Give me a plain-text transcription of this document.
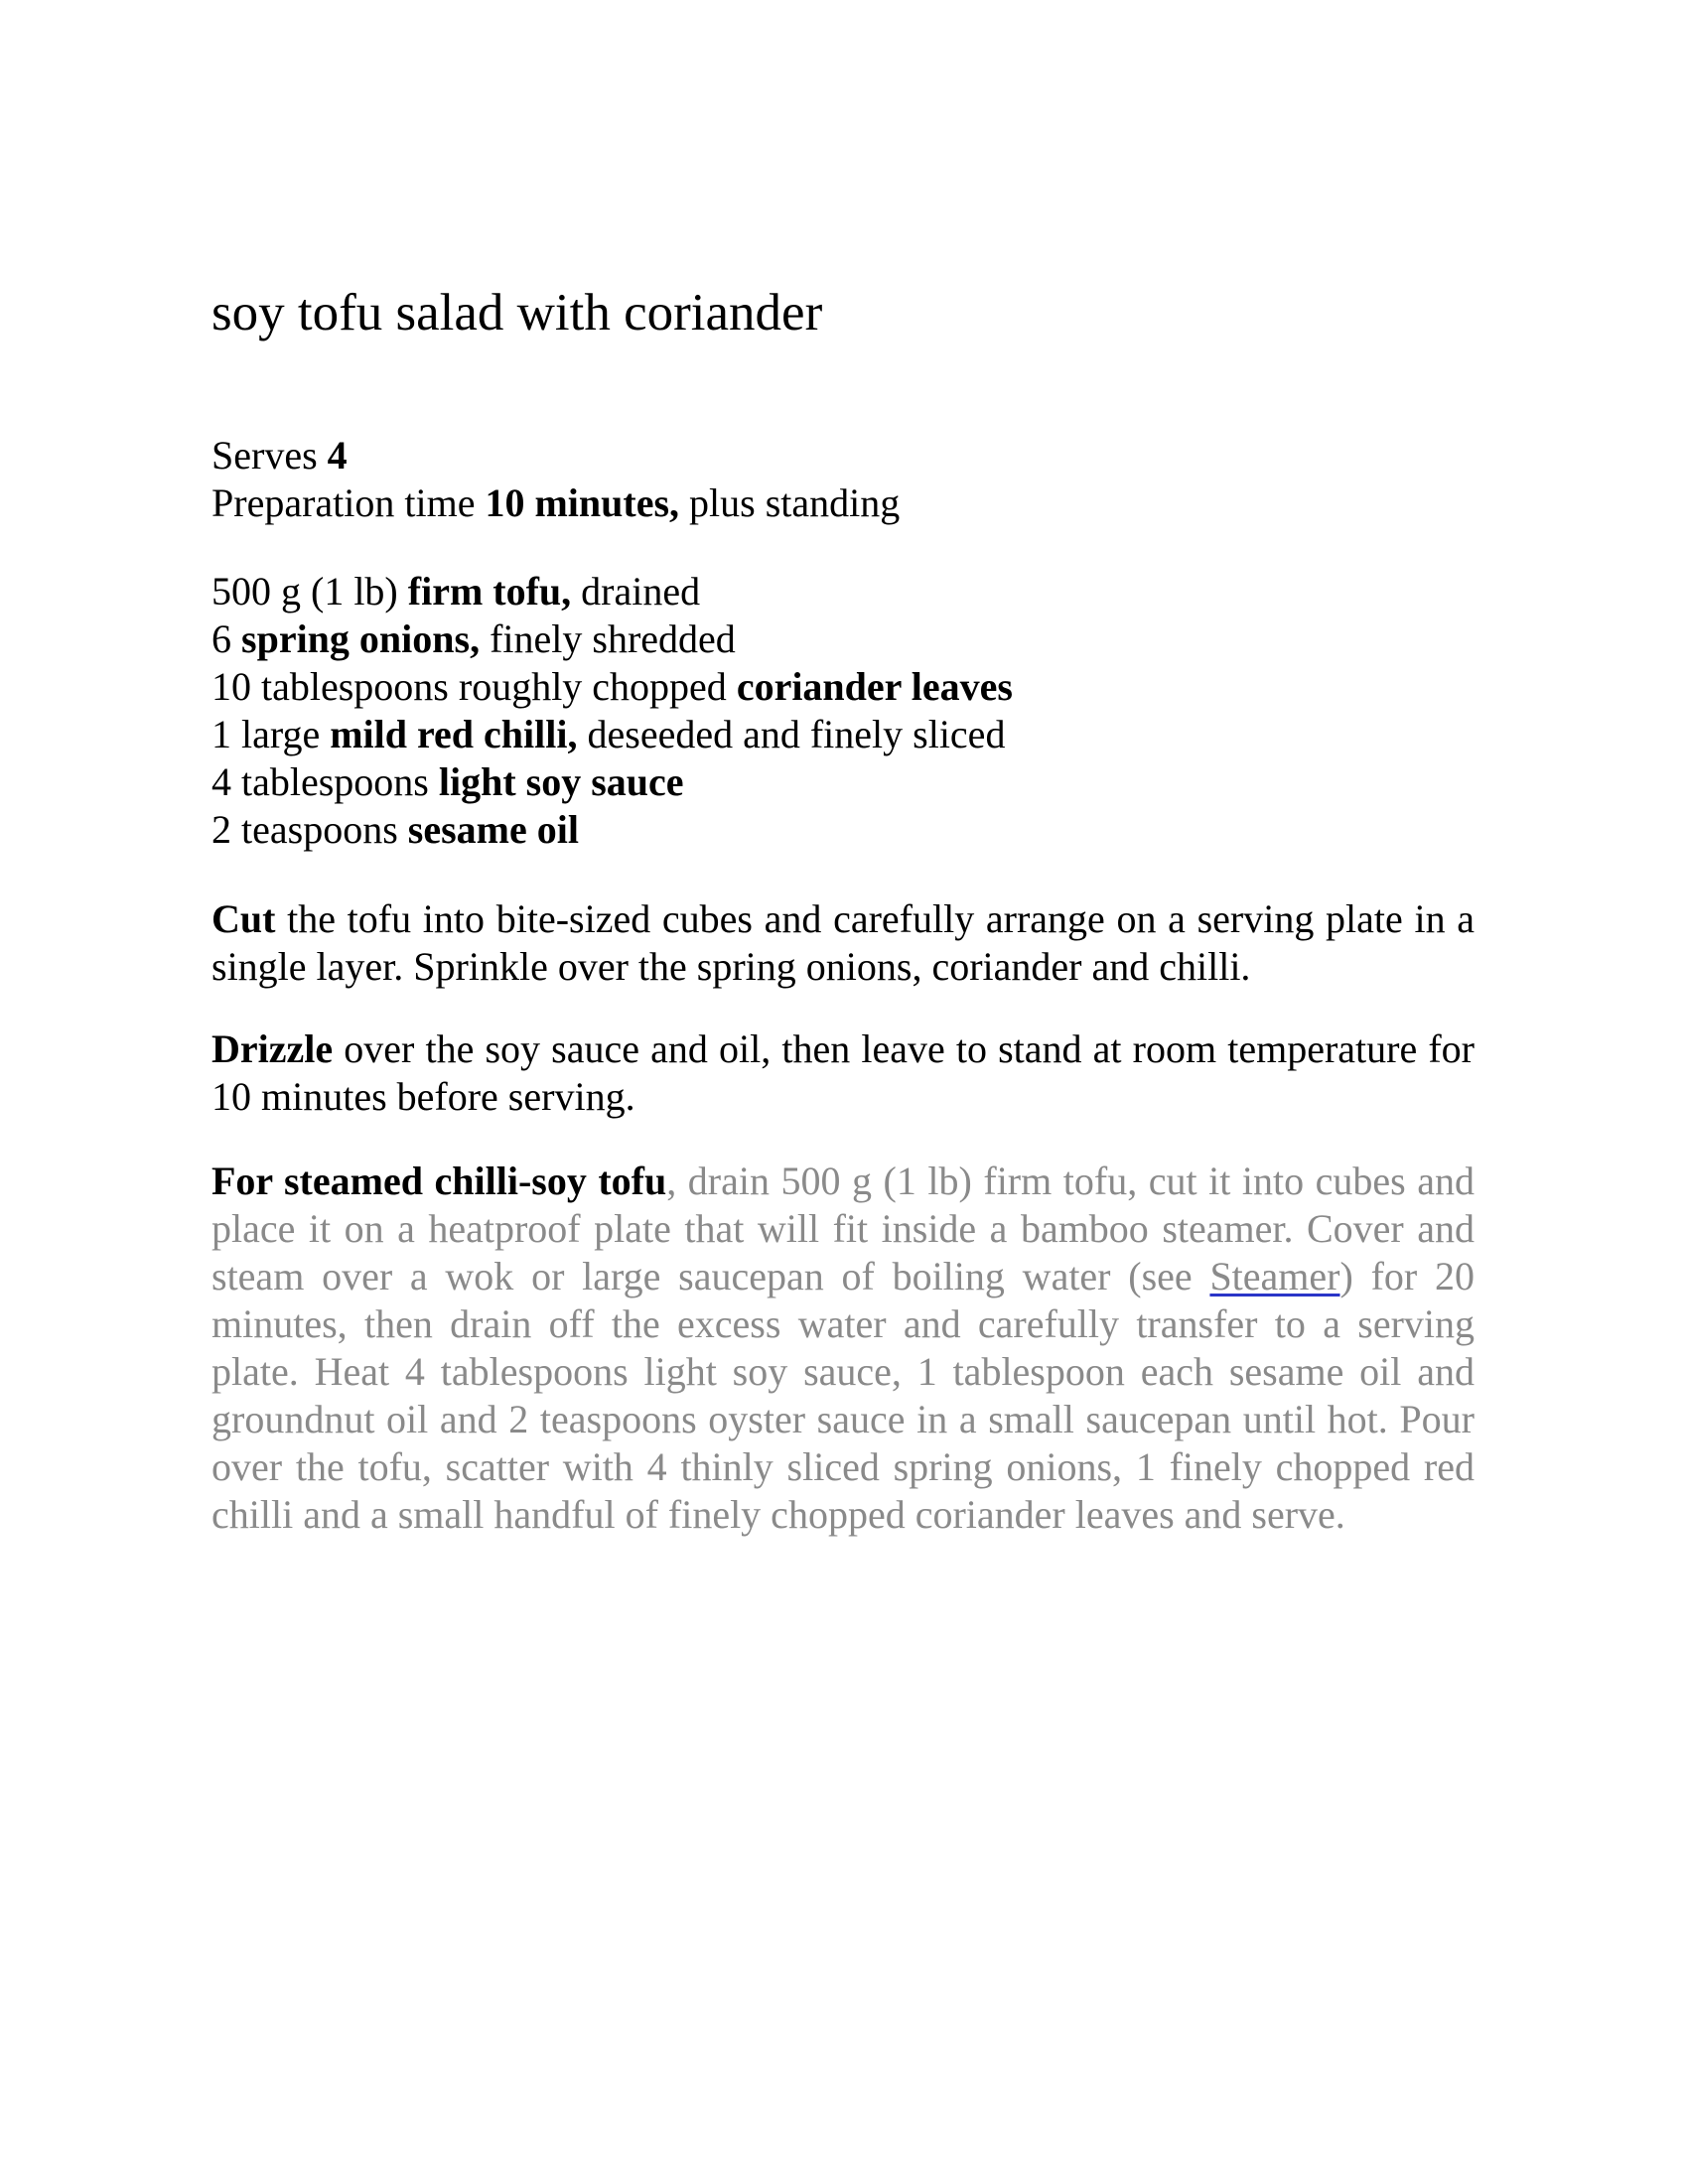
soy tofu salad with coriander
Serves 4
Preparation time 10 minutes, plus standing
500 g (1 lb) firm tofu, drained
6 spring onions, finely shredded
10 tablespoons roughly chopped coriander leaves
1 large mild red chilli, deseeded and finely sliced
4 tablespoons light soy sauce
2 teaspoons sesame oil

Cut the tofu into bite-sized cubes and carefully arrange on a serving plate in a single layer. Sprinkle over the spring onions, coriander and chilli.

Drizzle over the soy sauce and oil, then leave to stand at room temperature for 10 minutes before serving.

For steamed chilli-soy tofu, drain 500 g (1 lb) firm tofu, cut it into cubes and place it on a heatproof plate that will fit inside a bamboo steamer. Cover and steam over a wok or large saucepan of boiling water (see Steamer) for 20 minutes, then drain off the excess water and carefully transfer to a serving plate. Heat 4 tablespoons light soy sauce, 1 tablespoon each sesame oil and groundnut oil and 2 teaspoons oyster sauce in a small saucepan until hot. Pour over the tofu, scatter with 4 thinly sliced spring onions, 1 finely chopped red chilli and a small handful of finely chopped coriander leaves and serve.
